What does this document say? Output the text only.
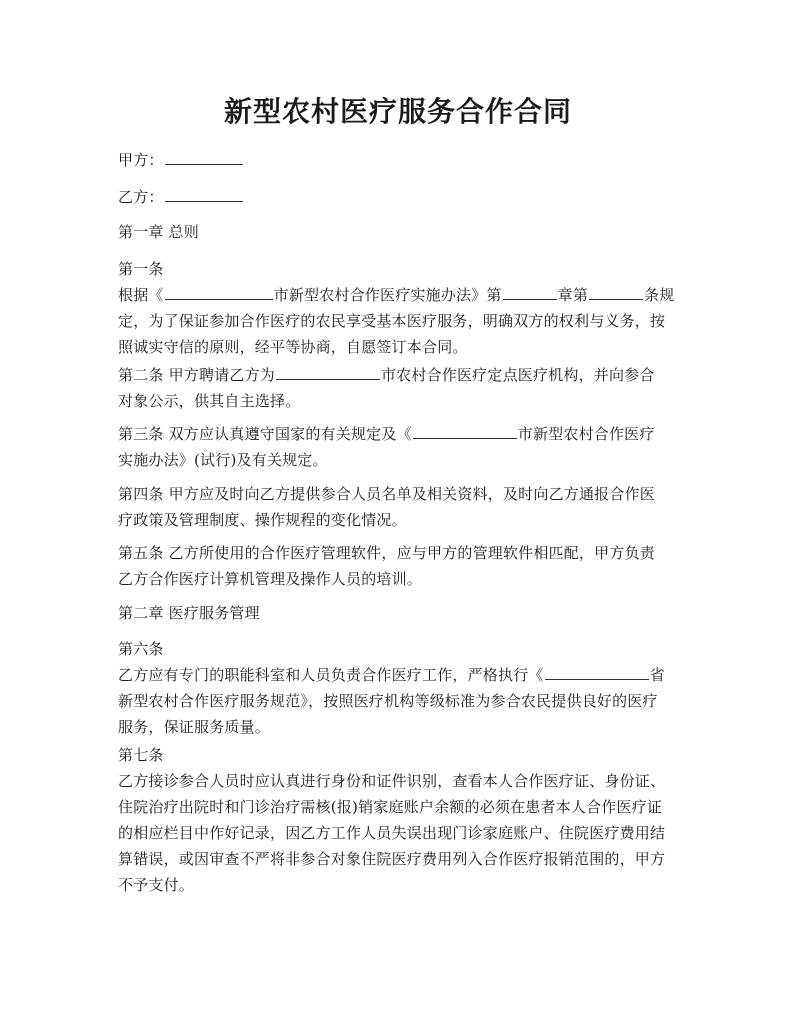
新型农村医疗服务合作合同

甲方：

乙方：

第一章 总则

第一条
根据《	市新型农村合作医疗实施办法》第	章第	条规
定，为了保证参加合作医疗的农民享受基本医疗服务，明确双方的权利与义务，按
照诚实守信的原则，经平等协商，自愿签订本合同。
第二条 甲方聘请乙方为	市农村合作医疗定点医疗机构，并向参合
对象公示，供其自主选择。
第三条 双方应认真遵守国家的有关规定及《	市新型农村合作医疗
实施办法》(试行)及有关规定。
第四条 甲方应及时向乙方提供参合人员名单及相关资料，及时向乙方通报合作医
疗政策及管理制度、操作规程的变化情况。
第五条 乙方所使用的合作医疗管理软件，应与甲方的管理软件相匹配，甲方负责
乙方合作医疗计算机管理及操作人员的培训。

第二章 医疗服务管理

第六条
乙方应有专门的职能科室和人员负责合作医疗工作，严格执行《	省
新型农村合作医疗服务规范》，按照医疗机构等级标准为参合农民提供良好的医疗
服务，保证服务质量。
第七条
乙方接诊参合人员时应认真进行身份和证件识别，查看本人合作医疗证、身份证、
住院治疗出院时和门诊治疗需核(报)销家庭账户余额的必须在患者本人合作医疗证
的相应栏目中作好记录，因乙方工作人员失误出现门诊家庭账户、住院医疗费用结
算错误，或因审查不严将非参合对象住院医疗费用列入合作医疗报销范围的，甲方
不予支付。
